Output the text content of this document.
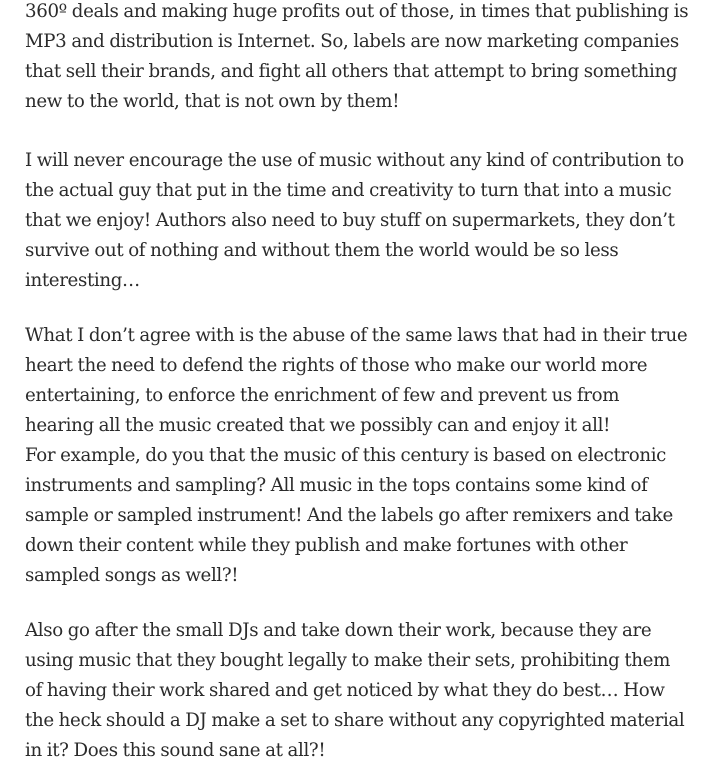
360º deals and making huge profits out of those, in times that publishing is
MP3 and distribution is Internet. So, labels are now marketing companies
that sell their brands, and fight all others that attempt to bring something
new to the world, that is not own by them!
I will never encourage the use of music without any kind of contribution to
the actual guy that put in the time and creativity to turn that into a music
that we enjoy! Authors also need to buy stuff on supermarkets, they don’t
survive out of nothing and without them the world would be so less
interesting…
What I don’t agree with is the abuse of the same laws that had in their true
heart the need to defend the rights of those who make our world more
entertaining, to enforce the enrichment of few and prevent us from
hearing all the music created that we possibly can and enjoy it all!
For example, do you that the music of this century is based on electronic
instruments and sampling? All music in the tops contains some kind of
sample or sampled instrument! And the labels go after remixers and take
down their content while they publish and make fortunes with other
sampled songs as well?!
Also go after the small DJs and take down their work, because they are
using music that they bought legally to make their sets, prohibiting them
of having their work shared and get noticed by what they do best… How
the heck should a DJ make a set to share without any copyrighted material
in it? Does this sound sane at all?!
